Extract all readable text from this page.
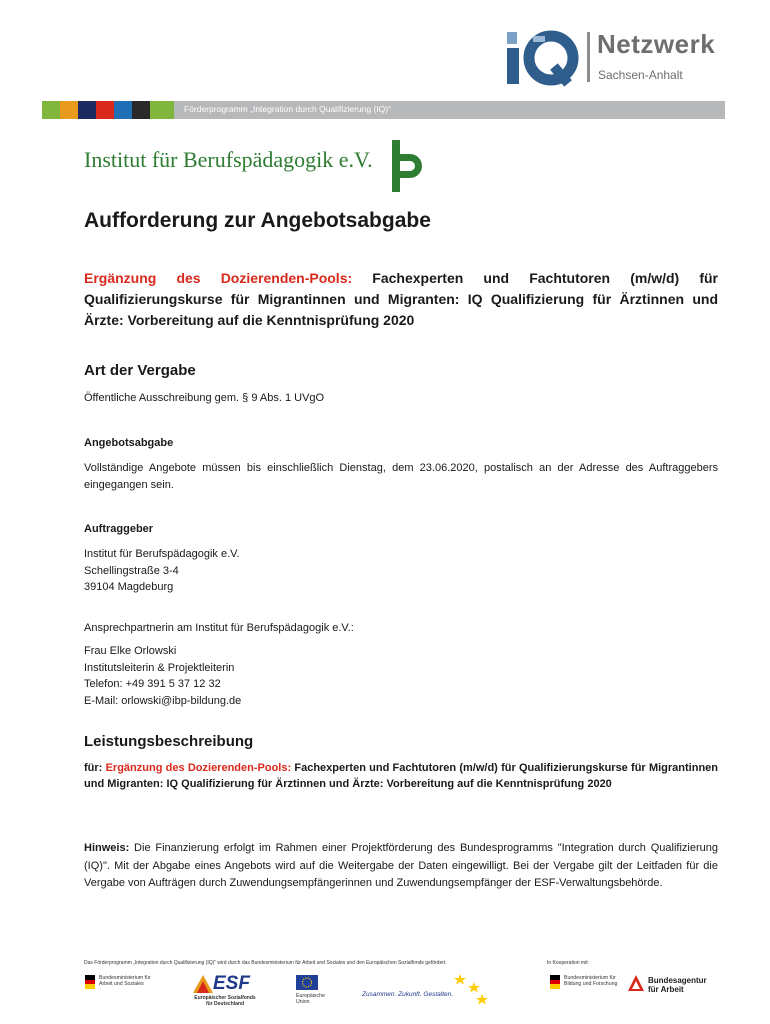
Netzwerk
Sachsen-Anhalt
Förderprogramm „Integration durch Qualifizierung (IQ)“
Institut für Berufspädagogik e.V.
Aufforderung zur Angebotsabgabe
Ergänzung des Dozierenden-Pools: Fachexperten und Fachtutoren (m/w/d) für Qualifizierungskurse für Migrantinnen und Migranten: IQ Qualifizierung für Ärztinnen und Ärzte: Vorbereitung auf die Kenntnisprüfung 2020
Art der Vergabe
Öffentliche Ausschreibung gem. § 9 Abs. 1 UVgO
Angebotsabgabe
Vollständige Angebote müssen bis einschließlich Dienstag, dem 23.06.2020, postalisch an der Adresse des Auftraggebers eingegangen sein.
Auftraggeber
Institut für Berufspädagogik e.V.
Schellingstraße 3-4
39104 Magdeburg
Ansprechpartnerin am Institut für Berufspädagogik e.V.:
Frau Elke Orlowski
Institutsleiterin & Projektleiterin
Telefon: +49 391 5 37 12 32
E-Mail: orlowski@ibp-bildung.de
Leistungsbeschreibung
für: Ergänzung des Dozierenden-Pools: Fachexperten und Fachtutoren (m/w/d) für Qualifizierungskurse für Migrantinnen und Migranten: IQ Qualifizierung für Ärztinnen und Ärzte: Vorbereitung auf die Kenntnisprüfung 2020
Hinweis: Die Finanzierung erfolgt im Rahmen einer Projektförderung des Bundesprogramms "Integration durch Qualifizierung (IQ)". Mit der Abgabe eines Angebots wird auf die Weitergabe der Daten eingewilligt. Bei der Vergabe gilt der Leitfaden für die Vergabe von Aufträgen durch Zuwendungsempfängerinnen und Zuwendungsempfänger der ESF-Verwaltungsbehörde.
Das Förderprogramm „Integration durch Qualifizierung (IQ)“ wird durch das Bundesministerium für Arbeit und Soziales und den Europäischen Sozialfonds gefördert.	In Kooperation mit:
Bundesministerium für Arbeit und Soziales	ESF
Europäischer Sozialfonds für Deutschland
Europäische Union
Zusammen. Zukunft. Gestalten.
Bundesministerium für Bildung und Forschung	Bundesagentur für Arbeit
